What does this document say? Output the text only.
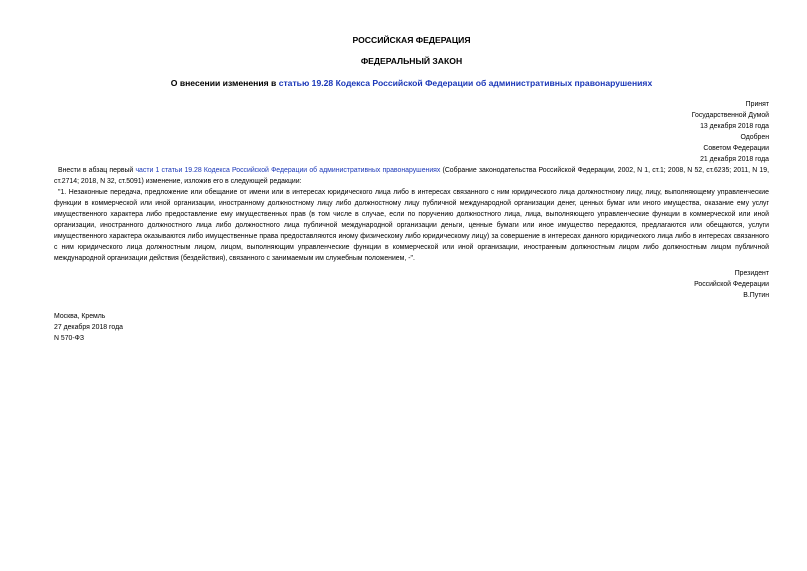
РОССИЙСКАЯ ФЕДЕРАЦИЯ
ФЕДЕРАЛЬНЫЙ ЗАКОН
О внесении изменения в статью 19.28 Кодекса Российской Федерации об административных правонарушениях
Принят
Государственной Думой
13 декабря 2018 года
Одобрен
Советом Федерации
21 декабря 2018 года

Внести в абзац первый части 1 статьи 19.28 Кодекса Российской Федерации об административных правонарушениях (Собрание законодательства Российской Федерации, 2002, N 1, ст.1; 2008, N 52, ст.6235; 2011, N 19, ст.2714; 2018, N 32, ст.5091) изменение, изложив его в следующей редакции:

"1. Незаконные передача, предложение или обещание от имени или в интересах юридического лица либо в интересах связанного с ним юридического лица должностному лицу, лицу, выполняющему управленческие функции в коммерческой или иной организации, иностранному должностному лицу либо должностному лицу публичной международной организации денег, ценных бумаг или иного имущества, оказание ему услуг имущественного характера либо предоставление ему имущественных прав (в том числе в случае, если по поручению должностного лица, лица, выполняющего управленческие функции в коммерческой или иной организации, иностранного должностного лица либо должностного лица публичной международной организации деньги, ценные бумаги или иное имущество передаются, предлагаются или обещаются, услуги имущественного характера оказываются либо имущественные права предоставляются иному физическому либо юридическому лицу) за совершение в интересах данного юридического лица либо в интересах связанного с ним юридического лица должностным лицом, лицом, выполняющим управленческие функции в коммерческой или иной организации, иностранным должностным лицом либо должностным лицом публичной международной организации действия (бездействия), связанного с занимаемым им служебным положением, -".

Президент
Российской Федерации
В.Путин
Москва, Кремль
27 декабря 2018 года
N 570-ФЗ
